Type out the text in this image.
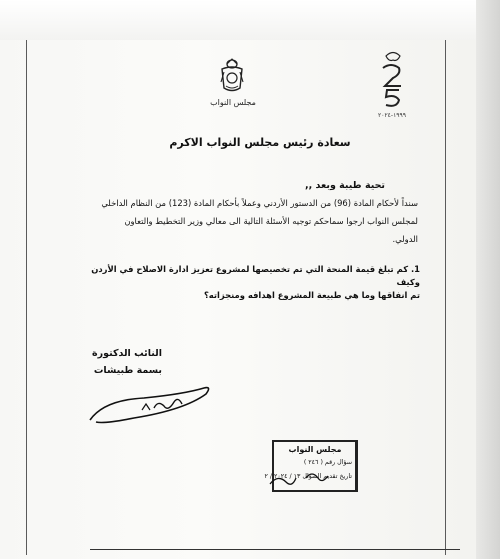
مجلس النواب
١٩٩٩-٢٠٢٤
سعادة رئيس مجلس النواب الاكرم
تحية طيبة وبعد ,,
سنداً لأحكام المادة (96) من الدستور الأردني وعملاً بأحكام المادة (123) من النظام الداخلي
لمجلس النواب ارجوا سماحكم توجيه الأسئلة التالية الى معالي وزير التخطيط والتعاون
الدولي.
1. كم تبلغ قيمة المنحة التي تم تخصيصها لمشروع تعزيز ادارة الاصلاح في الأردن وكيف
تم انفاقها وما هي طبيعة المشروع اهدافه ومنجزاته؟
النائب الدكتورة
بسمة طبيشات
مجلس النواب
سؤال رقم ( ٢٤٦ )
تاريخ تقديم السؤال ١٣ / ٢٠٢٤ / ٢
